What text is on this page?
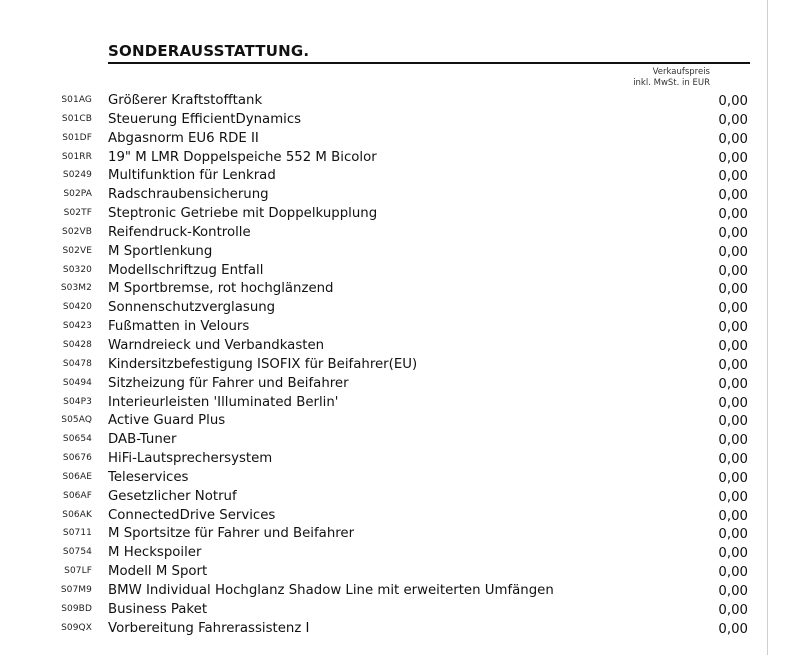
SONDERAUSSTATTUNG.
Verkaufspreis
inkl. MwSt. in EUR
S01AG Größerer Kraftstofftank	0,00
S01CB Steuerung EfficientDynamics	0,00
S01DF Abgasnorm EU6 RDE II	0,00
S01RR 19" M LMR Doppelspeiche 552 M Bicolor	0,00
S0249 Multifunktion für Lenkrad	0,00
S02PA Radschraubensicherung	0,00
S02TF Steptronic Getriebe mit Doppelkupplung	0,00
S02VB Reifendruck-Kontrolle	0,00
S02VE M Sportlenkung	0,00
S0320 Modellschriftzug Entfall	0,00
S03M2 M Sportbremse, rot hochglänzend	0,00
S0420 Sonnenschutzverglasung	0,00
S0423 Fußmatten in Velours	0,00
S0428 Warndreieck und Verbandkasten	0,00
S0478 Kindersitzbefestigung ISOFIX für Beifahrer(EU)	0,00
S0494 Sitzheizung für Fahrer und Beifahrer	0,00
S04P3 Interieurleisten 'Illuminated Berlin'	0,00
S05AQ Active Guard Plus	0,00
S0654 DAB-Tuner	0,00
S0676 HiFi-Lautsprechersystem	0,00
S06AE Teleservices	0,00
S06AF Gesetzlicher Notruf	0,00
S06AK ConnectedDrive Services	0,00
S0711 M Sportsitze für Fahrer und Beifahrer	0,00
S0754 M Heckspoiler	0,00
S07LF Modell M Sport	0,00
S07M9 BMW Individual Hochglanz Shadow Line mit erweiterten Umfängen	0,00
S09BD Business Paket	0,00
S09QX Vorbereitung Fahrerassistenz I	0,00
